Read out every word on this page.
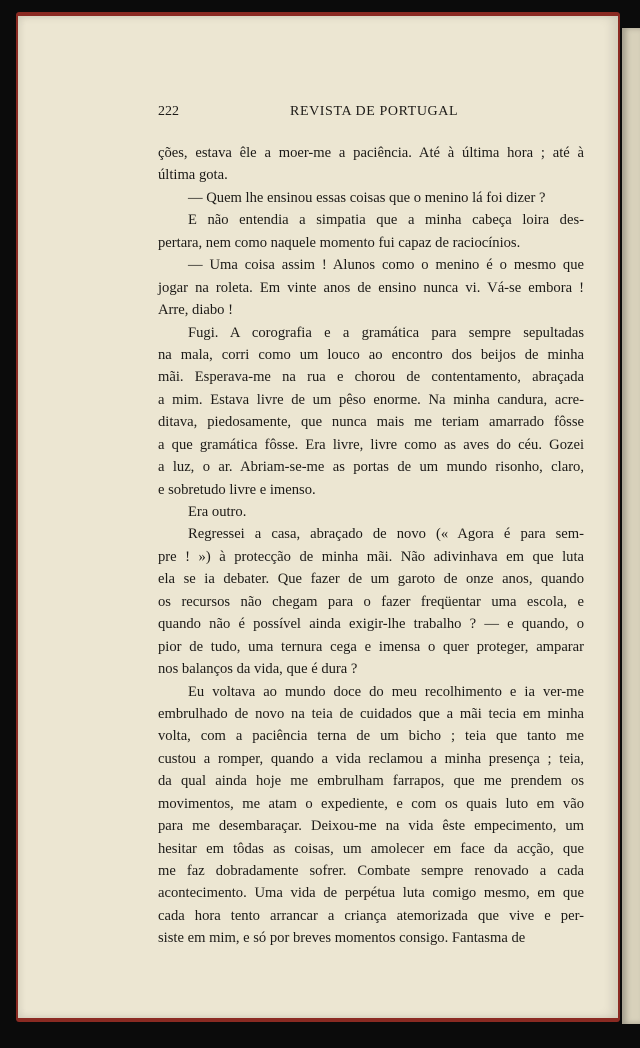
222	REVISTA DE PORTUGAL
ções, estava êle a moer-me a paciência. Até à última hora ; até à
última gota.
— Quem lhe ensinou essas coisas que o menino lá foi dizer ?
E não entendia a simpatia que a minha cabeça loira des-
pertara, nem como naquele momento fui capaz de raciocínios.
— Uma coisa assim ! Alunos como o menino é o mesmo que
jogar na roleta. Em vinte anos de ensino nunca vi. Vá-se embora !
Arre, diabo !
Fugi. A corografia e a gramática para sempre sepultadas
na mala, corri como um louco ao encontro dos beijos de minha
mãi. Esperava-me na rua e chorou de contentamento, abraçada
a mim. Estava livre de um pêso enorme. Na minha candura, acre-
ditava, piedosamente, que nunca mais me teriam amarrado fôsse
a que gramática fôsse. Era livre, livre como as aves do céu. Gozei
a luz, o ar. Abriam-se-me as portas de um mundo risonho, claro,
e sobretudo livre e imenso.
Era outro.
Regressei a casa, abraçado de novo (« Agora é para sem-
pre ! ») à protecção de minha mãi. Não adivinhava em que luta
ela se ia debater. Que fazer de um garoto de onze anos, quando
os recursos não chegam para o fazer freqüentar uma escola, e
quando não é possível ainda exigir-lhe trabalho ? — e quando, o
pior de tudo, uma ternura cega e imensa o quer proteger, amparar
nos balanços da vida, que é dura ?
Eu voltava ao mundo doce do meu recolhimento e ia ver-me
embrulhado de novo na teia de cuidados que a mãi tecia em minha
volta, com a paciência terna de um bicho ; teia que tanto me
custou a romper, quando a vida reclamou a minha presença ; teia,
da qual ainda hoje me embrulham farrapos, que me prendem os
movimentos, me atam o expediente, e com os quais luto em vão
para me desembaraçar. Deixou-me na vida êste empecimento, um
hesitar em tôdas as coisas, um amolecer em face da acção, que
me faz dobradamente sofrer. Combate sempre renovado a cada
acontecimento. Uma vida de perpétua luta comigo mesmo, em que
cada hora tento arrancar a criança atemorizada que vive e per-
siste em mim, e só por breves momentos consigo. Fantasma de
